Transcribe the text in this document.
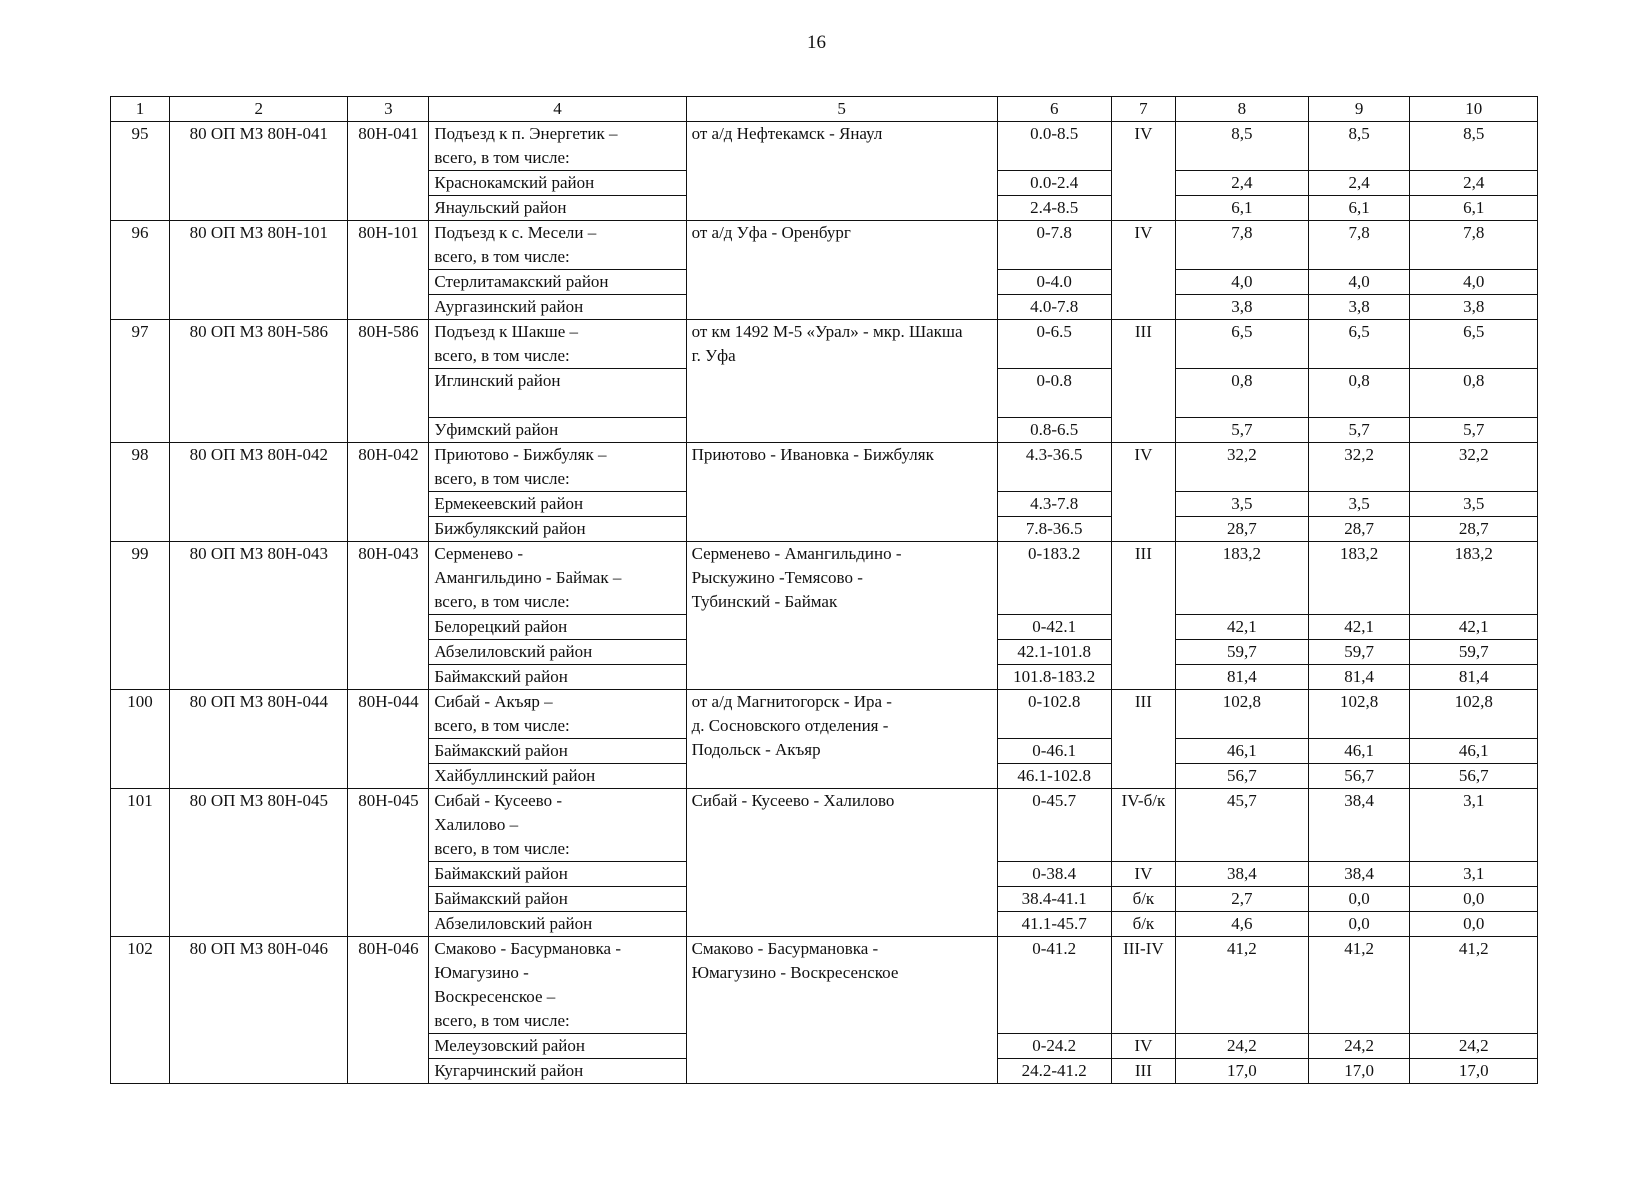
16
1	2	3	4	5	6	7	8	9	10
95	80 ОП МЗ 80Н-041	80Н-041	Подъезд к п. Энергетик –
всего, в том числе:	от а/д Нефтекамск - Янаул	0.0-8.5	IV	8,5	8,5	8,5
			Краснокамский район		0.0-2.4		2,4	2,4	2,4
			Янаульский район		2.4-8.5		6,1	6,1	6,1
96	80 ОП МЗ 80Н-101	80Н-101	Подъезд к с. Месели –
всего, в том числе:	от а/д Уфа - Оренбург	0-7.8	IV	7,8	7,8	7,8
			Стерлитамакский район		0-4.0		4,0	4,0	4,0
			Аургазинский район		4.0-7.8		3,8	3,8	3,8
97	80 ОП МЗ 80Н-586	80Н-586	Подъезд к Шакше –
всего, в том числе:	от км 1492 М-5 «Урал» - мкр. Шакша
г. Уфа	0-6.5	III	6,5	6,5	6,5
			Иглинский район		0-0.8		0,8	0,8	0,8
			Уфимский район		0.8-6.5		5,7	5,7	5,7
98	80 ОП МЗ 80Н-042	80Н-042	Приютово - Бижбуляк –
всего, в том числе:	Приютово - Ивановка - Бижбуляк	4.3-36.5	IV	32,2	32,2	32,2
			Ермекеевский район		4.3-7.8		3,5	3,5	3,5
			Бижбулякский район		7.8-36.5		28,7	28,7	28,7
99	80 ОП МЗ 80Н-043	80Н-043	Серменево -
Амангильдино - Баймак –
всего, в том числе:	Серменево - Амангильдино -
Рыскужино -Темясово -
Тубинский - Баймак	0-183.2	III	183,2	183,2	183,2
			Белорецкий район		0-42.1		42,1	42,1	42,1
			Абзелиловский район		42.1-101.8		59,7	59,7	59,7
			Баймакский район		101.8-183.2		81,4	81,4	81,4
100	80 ОП МЗ 80Н-044	80Н-044	Сибай - Акъяр –
всего, в том числе:	от а/д Магнитогорск - Ира -
д. Сосновского отделения -
Подольск - Акъяр	0-102.8	III	102,8	102,8	102,8
			Баймакский район		0-46.1		46,1	46,1	46,1
			Хайбуллинский район		46.1-102.8		56,7	56,7	56,7
101	80 ОП МЗ 80Н-045	80Н-045	Сибай - Кусеево -
Халилово –
всего, в том числе:	Сибай - Кусеево - Халилово	0-45.7	IV-б/к	45,7	38,4	3,1
			Баймакский район		0-38.4	IV	38,4	38,4	3,1
			Баймакский район		38.4-41.1	б/к	2,7	0,0	0,0
			Абзелиловский район		41.1-45.7	б/к	4,6	0,0	0,0
102	80 ОП МЗ 80Н-046	80Н-046	Смаково - Басурмановка -
Юмагузино -
Воскресенское –
всего, в том числе:	Смаково - Басурмановка -
Юмагузино - Воскресенское	0-41.2	III-IV	41,2	41,2	41,2
			Мелеузовский район		0-24.2	IV	24,2	24,2	24,2
			Кугарчинский район		24.2-41.2	III	17,0	17,0	17,0
